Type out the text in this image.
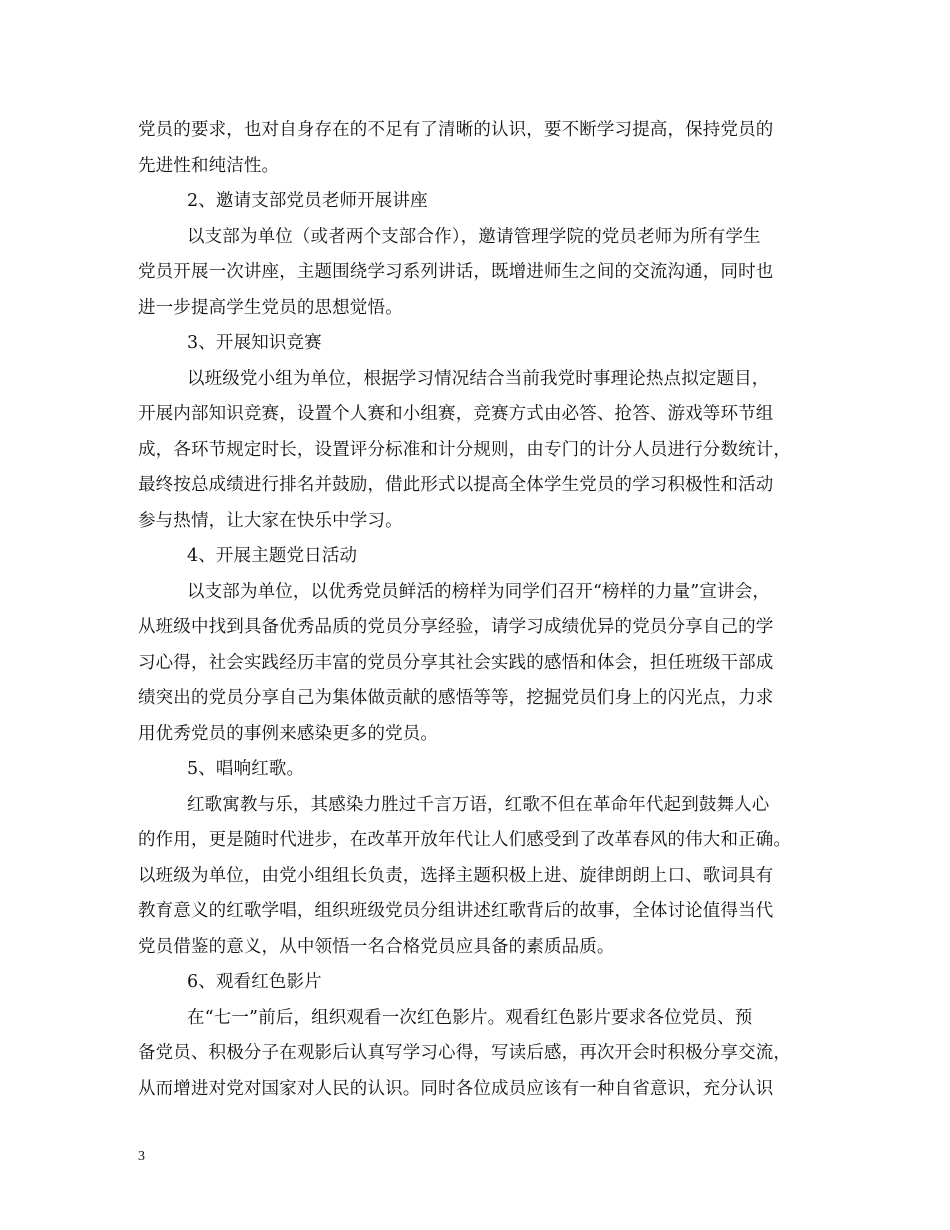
党员的要求，也对自身存在的不足有了清晰的认识，要不断学习提高，保持党员的
先进性和纯洁性。
2、邀请支部党员老师开展讲座
以支部为单位（或者两个支部合作），邀请管理学院的党员老师为所有学生
党员开展一次讲座，主题围绕学习系列讲话，既增进师生之间的交流沟通，同时也
进一步提高学生党员的思想觉悟。
3、开展知识竞赛
以班级党小组为单位，根据学习情况结合当前我党时事理论热点拟定题目，
开展内部知识竞赛，设置个人赛和小组赛，竞赛方式由必答、抢答、游戏等环节组
成，各环节规定时长，设置评分标准和计分规则，由专门的计分人员进行分数统计，
最终按总成绩进行排名并鼓励，借此形式以提高全体学生党员的学习积极性和活动
参与热情，让大家在快乐中学习。
4、开展主题党日活动
以支部为单位，以优秀党员鲜活的榜样为同学们召开“榜样的力量”宣讲会，
从班级中找到具备优秀品质的党员分享经验，请学习成绩优异的党员分享自己的学
习心得，社会实践经历丰富的党员分享其社会实践的感悟和体会，担任班级干部成
绩突出的党员分享自己为集体做贡献的感悟等等，挖掘党员们身上的闪光点，力求
用优秀党员的事例来感染更多的党员。
5、唱响红歌。
红歌寓教与乐，其感染力胜过千言万语，红歌不但在革命年代起到鼓舞人心
的作用，更是随时代进步，在改革开放年代让人们感受到了改革春风的伟大和正确。
以班级为单位，由党小组组长负责，选择主题积极上进、旋律朗朗上口、歌词具有
教育意义的红歌学唱，组织班级党员分组讲述红歌背后的故事，全体讨论值得当代
党员借鉴的意义，从中领悟一名合格党员应具备的素质品质。
6、观看红色影片
在“七一”前后，组织观看一次红色影片。观看红色影片要求各位党员、预
备党员、积极分子在观影后认真写学习心得，写读后感，再次开会时积极分享交流，
从而增进对党对国家对人民的认识。同时各位成员应该有一种自省意识，充分认识
3
